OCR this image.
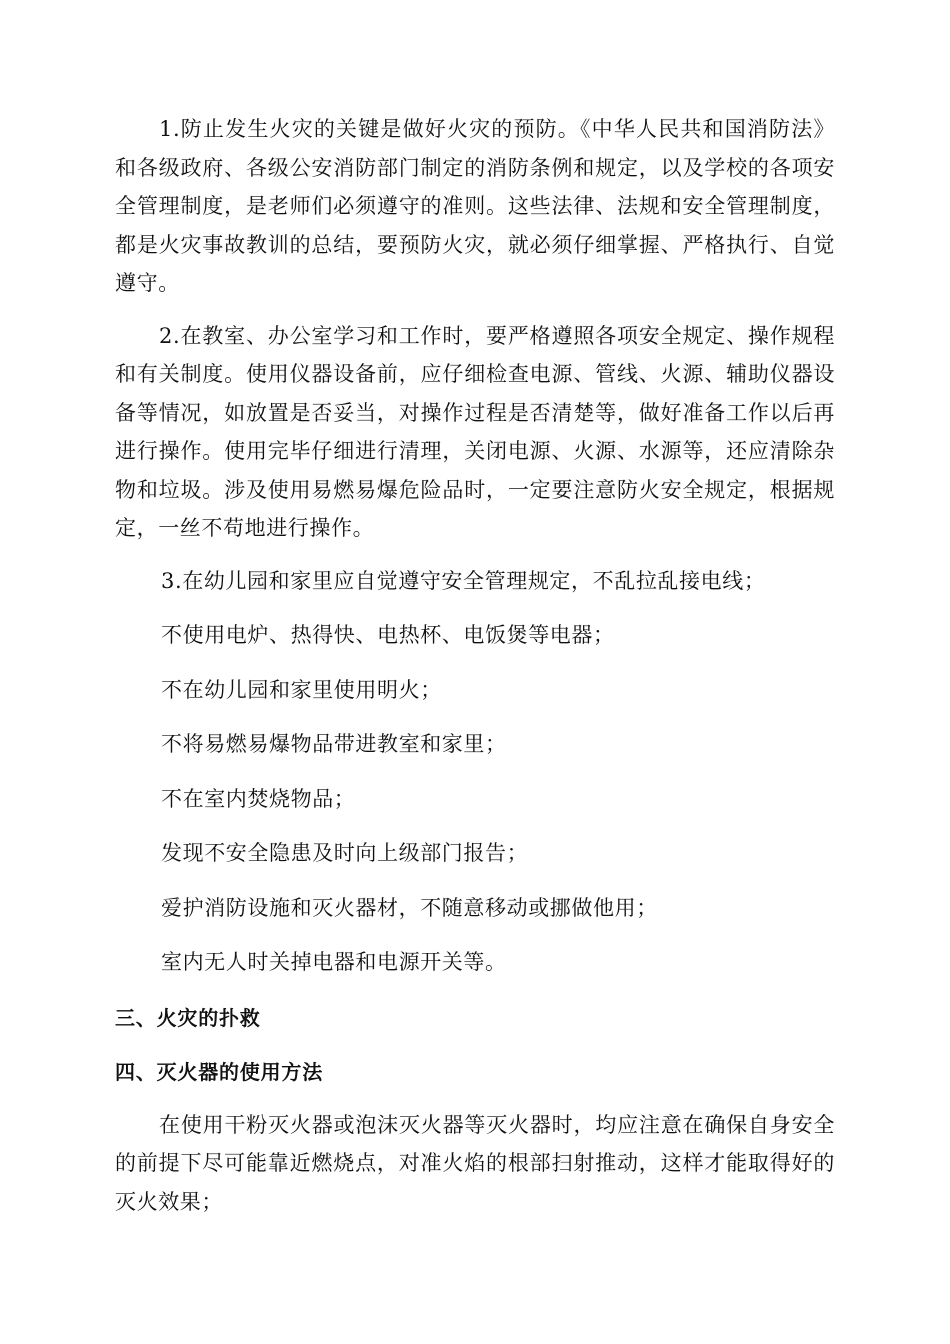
1.防止发生火灾的关键是做好火灾的预防。《中华人民共和国消防法》和各级政府、各级公安消防部门制定的消防条例和规定，以及学校的各项安全管理制度，是老师们必须遵守的准则。这些法律、法规和安全管理制度，都是火灾事故教训的总结，要预防火灾，就必须仔细掌握、严格执行、自觉遵守。

2.在教室、办公室学习和工作时，要严格遵照各项安全规定、操作规程和有关制度。使用仪器设备前，应仔细检查电源、管线、火源、辅助仪器设备等情况，如放置是否妥当，对操作过程是否清楚等，做好准备工作以后再进行操作。使用完毕仔细进行清理，关闭电源、火源、水源等，还应清除杂物和垃圾。涉及使用易燃易爆危险品时，一定要注意防火安全规定，根据规定，一丝不苟地进行操作。

3.在幼儿园和家里应自觉遵守安全管理规定，不乱拉乱接电线；
不使用电炉、热得快、电热杯、电饭煲等电器；
不在幼儿园和家里使用明火；
不将易燃易爆物品带进教室和家里；
不在室内焚烧物品；
发现不安全隐患及时向上级部门报告；
爱护消防设施和灭火器材，不随意移动或挪做他用；
室内无人时关掉电器和电源开关等。
三、火灾的扑救
四、灭火器的使用方法

在使用干粉灭火器或泡沫灭火器等灭火器时，均应注意在确保自身安全的前提下尽可能靠近燃烧点，对准火焰的根部扫射推动，这样才能取得好的灭火效果；
